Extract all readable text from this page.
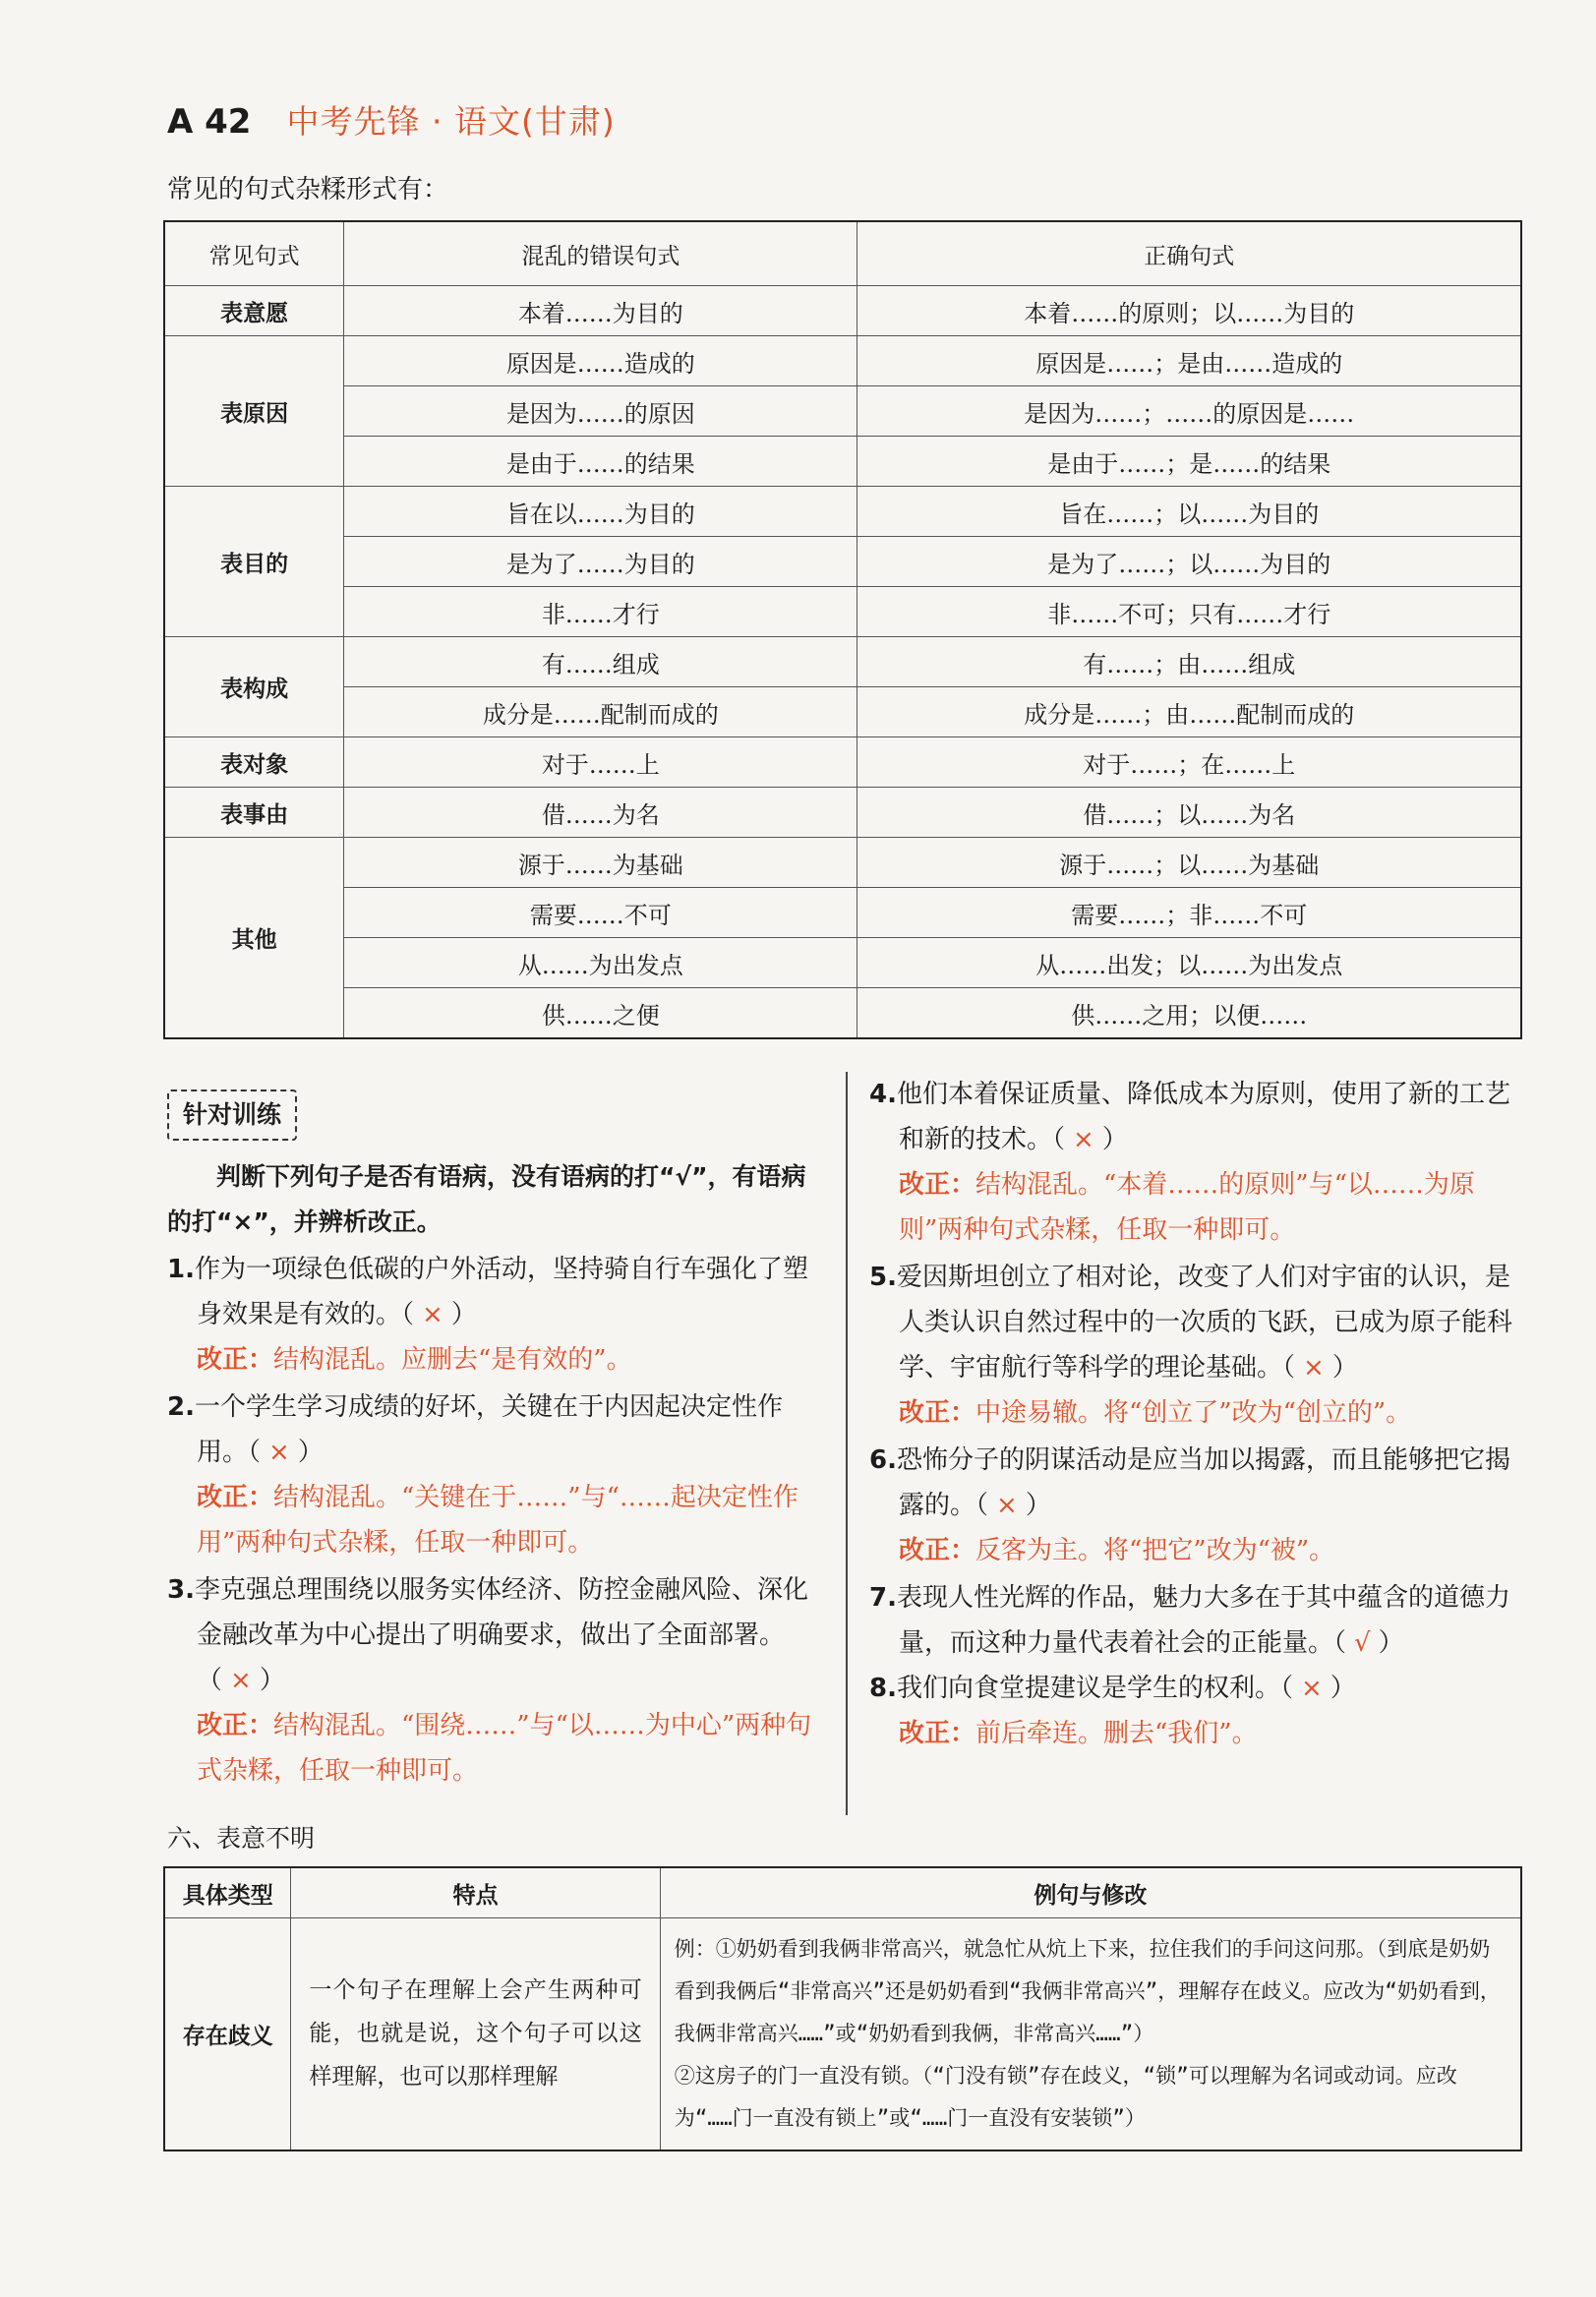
A 42 中考先锋 · 语文(甘肃)
常见的句式杂糅形式有：
常见句式	混乱的错误句式	正确句式
表意愿	本着……为目的	本着……的原则；以……为目的
表原因	原因是……造成的	原因是……；是由……造成的
	是因为……的原因	是因为……；……的原因是……
	是由于……的结果	是由于……；是……的结果
表目的	旨在以……为目的	旨在……；以……为目的
	是为了……为目的	是为了……；以……为目的
	非……才行	非……不可；只有……才行
表构成	有……组成	有……；由……组成
	成分是……配制而成的	成分是……；由……配制而成的
表对象	对于……上	对于……；在……上
表事由	借……为名	借……；以……为名
其他	源于……为基础	源于……；以……为基础
	需要……不可	需要……；非……不可
	从……为出发点	从……出发；以……为出发点
	供……之便	供……之用；以便……
针对训练
判断下列句子是否有语病，没有语病的打“√”，有语病的打“×”，并辨析改正。

1.作为一项绿色低碳的户外活动，坚持骑自行车强化了塑身效果是有效的。（ × ）

改正：结构混乱。应删去“是有效的”。

2.一个学生学习成绩的好坏，关键在于内因起决定性作用。（ × ）

改正：结构混乱。“关键在于……”与“……起决定性作用”两种句式杂糅，任取一种即可。

3.李克强总理围绕以服务实体经济、防控金融风险、深化金融改革为中心提出了明确要求，做出了全面部署。（ × ）

改正：结构混乱。“围绕……”与“以……为中心”两种句式杂糅，任取一种即可。

4.他们本着保证质量、降低成本为原则，使用了新的工艺和新的技术。（ × ）

改正：结构混乱。“本着……的原则”与“以……为原则”两种句式杂糅，任取一种即可。

5.爱因斯坦创立了相对论，改变了人们对宇宙的认识，是人类认识自然过程中的一次质的飞跃，已成为原子能科学、宇宙航行等科学的理论基础。（ × ）

改正：中途易辙。将“创立了”改为“创立的”。

6.恐怖分子的阴谋活动是应当加以揭露，而且能够把它揭露的。（ × ）

改正：反客为主。将“把它”改为“被”。

7.表现人性光辉的作品，魅力大多在于其中蕴含的道德力量，而这种力量代表着社会的正能量。（ √ ）

8.我们向食堂提建议是学生的权利。（ × ）

改正：前后牵连。删去“我们”。

六、表意不明
具体类型	特点	例句与修改
存在歧义	一个句子在理解上会产生两种可能，也就是说，这个句子可以这样理解，也可以那样理解	例：①奶奶看到我俩非常高兴，就急忙从炕上下来，拉住我们的手问这问那。（到底是奶奶看到我俩后“非常高兴”还是奶奶看到“我俩非常高兴”，理解存在歧义。应改为“奶奶看到，我俩非常高兴……”或“奶奶看到我俩，非常高兴……”）

②这房子的门一直没有锁。（“门没有锁”存在歧义，“锁”可以理解为名词或动词。应改为“……门一直没有锁上”或“……门一直没有安装锁”）
